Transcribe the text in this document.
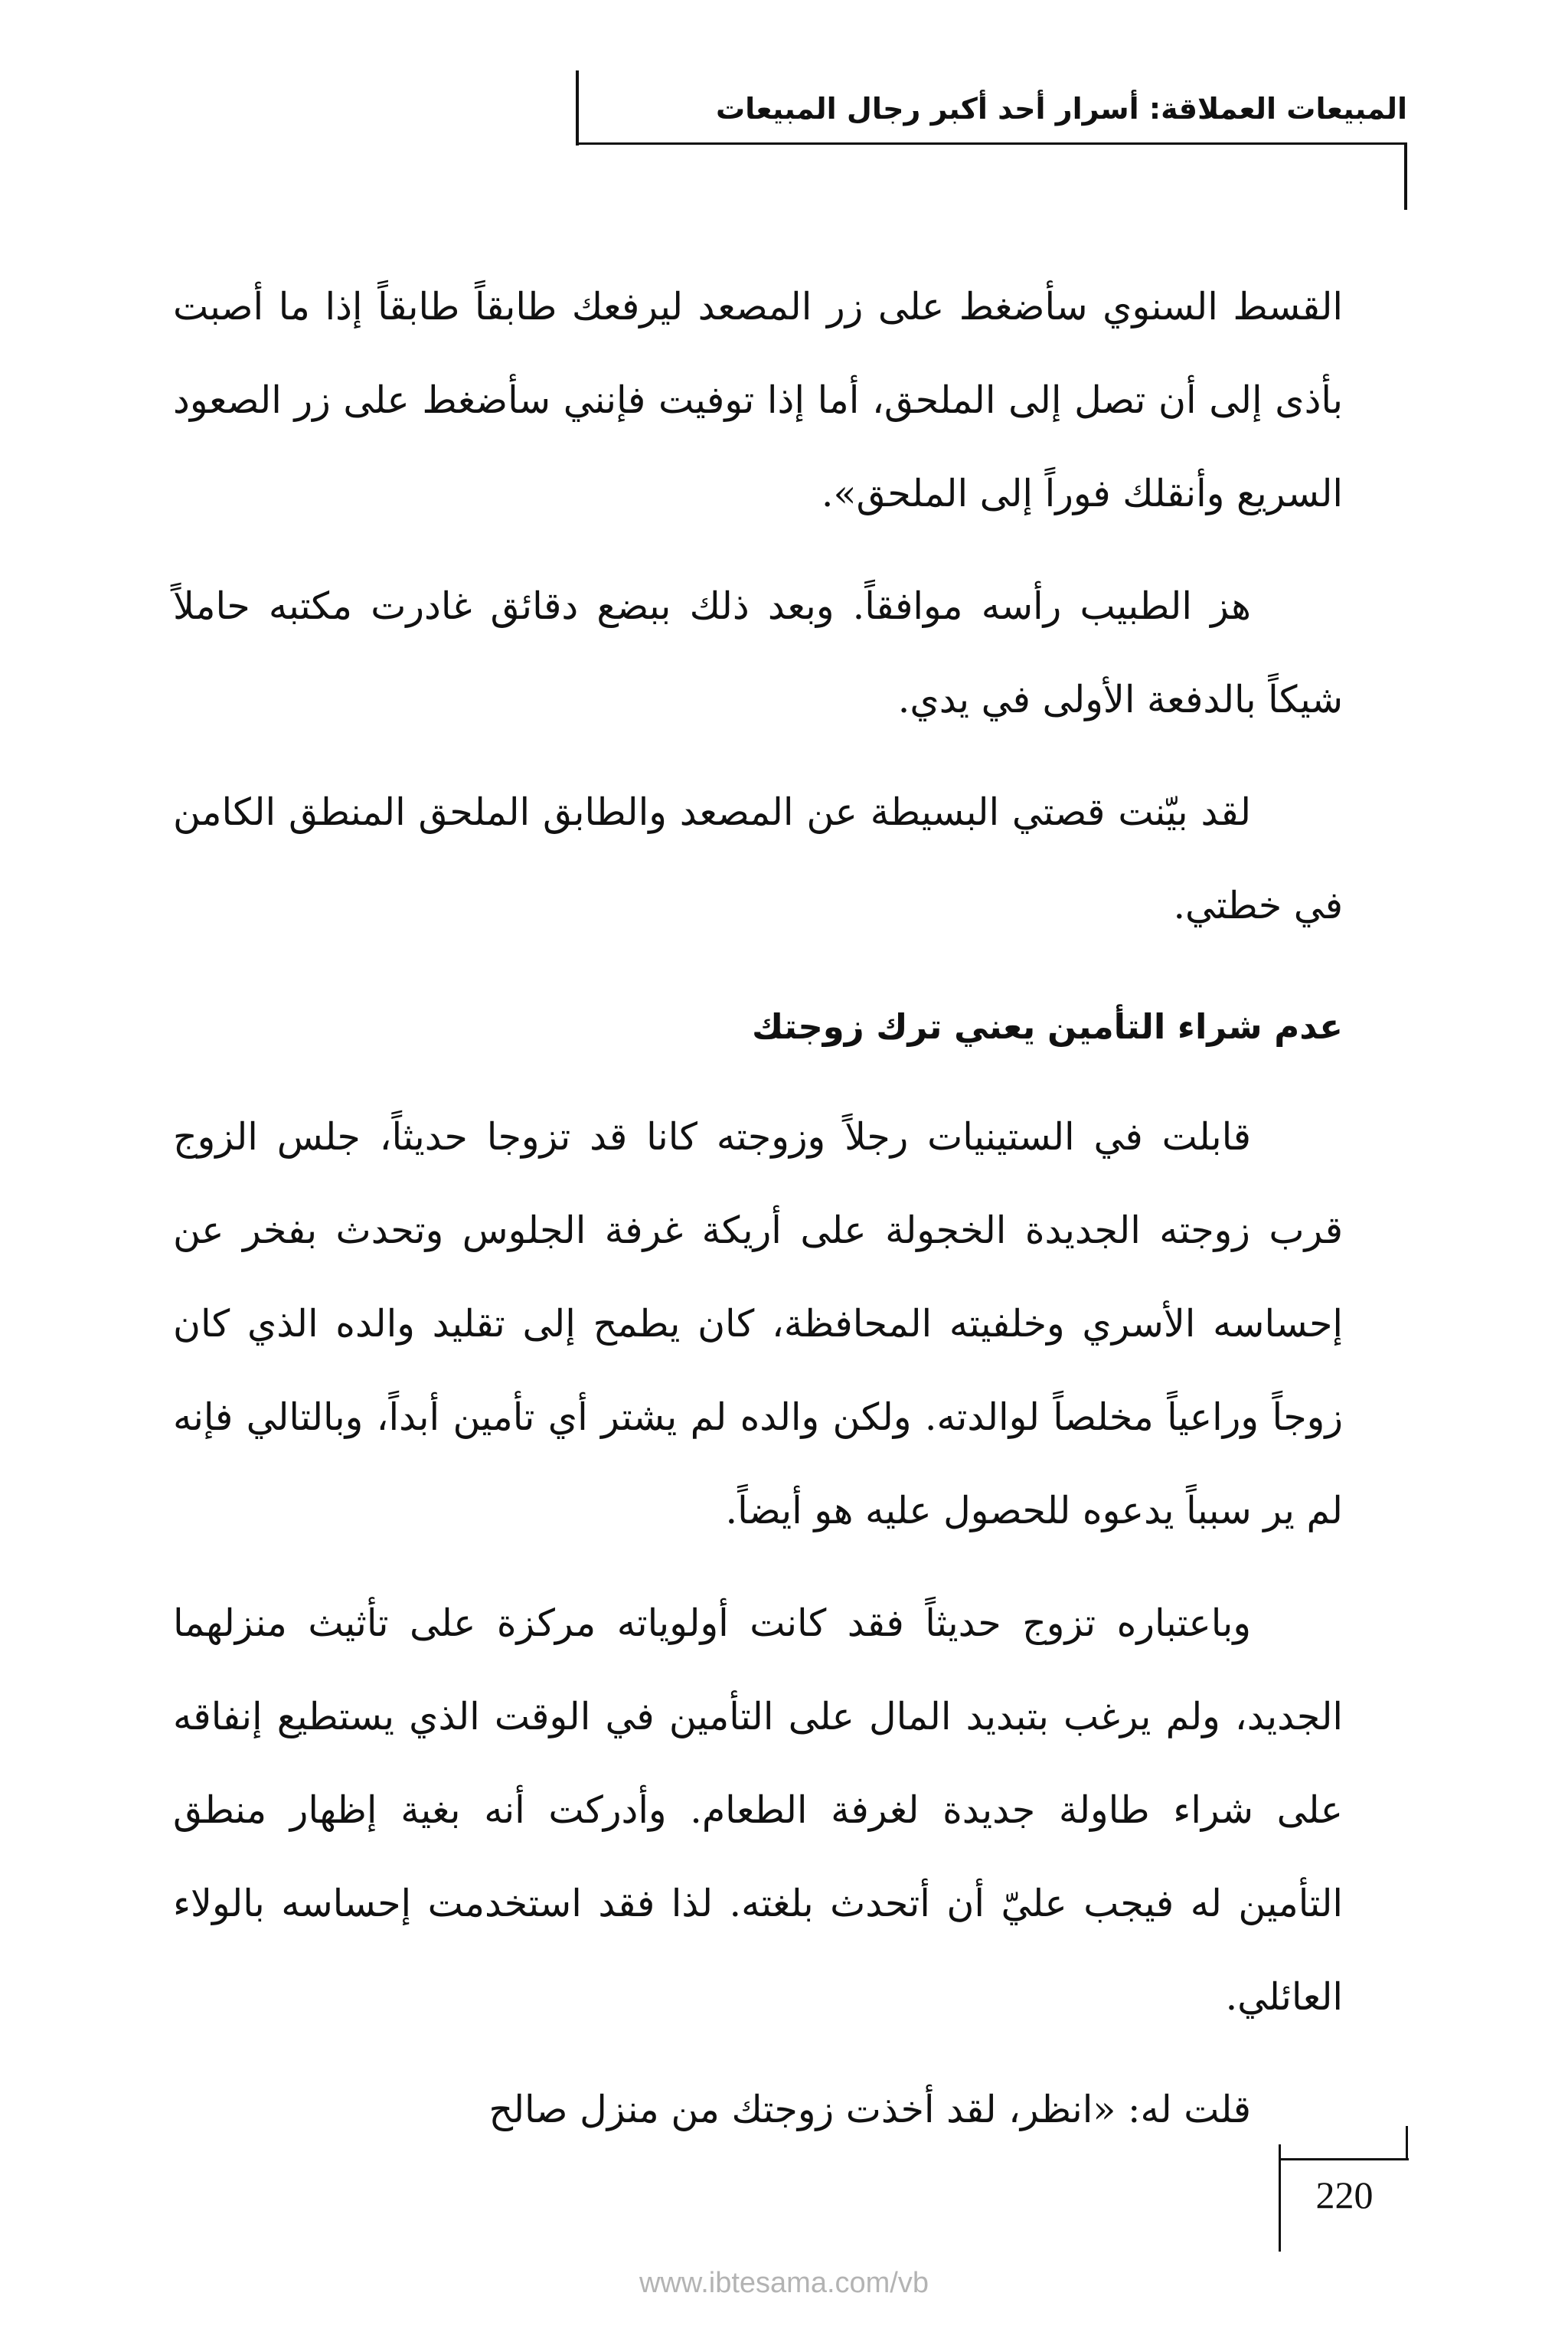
المبيعات العملاقة: أسرار أحد أكبر رجال المبيعات

القسط السنوي سأضغط على زر المصعد ليرفعك طابقاً طابقاً إذا ما أصبت بأذى إلى أن تصل إلى الملحق، أما إذا توفيت فإنني سأضغط على زر الصعود السريع وأنقلك فوراً إلى الملحق».

هز الطبيب رأسه موافقاً. وبعد ذلك ببضع دقائق غادرت مكتبه حاملاً شيكاً بالدفعة الأولى في يدي.

لقد بيّنت قصتي البسيطة عن المصعد والطابق الملحق المنطق الكامن في خطتي.

عدم شراء التأمين يعني ترك زوجتك

قابلت في الستينيات رجلاً وزوجته كانا قد تزوجا حديثاً، جلس الزوج قرب زوجته الجديدة الخجولة على أريكة غرفة الجلوس وتحدث بفخر عن إحساسه الأسري وخلفيته المحافظة، كان يطمح إلى تقليد والده الذي كان زوجاً وراعياً مخلصاً لوالدته. ولكن والده لم يشتر أي تأمين أبداً، وبالتالي فإنه لم ير سبباً يدعوه للحصول عليه هو أيضاً.

وباعتباره تزوج حديثاً فقد كانت أولوياته مركزة على تأثيث منزلهما الجديد، ولم يرغب بتبديد المال على التأمين في الوقت الذي يستطيع إنفاقه على شراء طاولة جديدة لغرفة الطعام. وأدركت أنه بغية إظهار منطق التأمين له فيجب عليّ أن أتحدث بلغته. لذا فقد استخدمت إحساسه بالولاء العائلي.

قلت له: «انظر، لقد أخذت زوجتك من منزل صالح

220
www.ibtesama.com/vb
